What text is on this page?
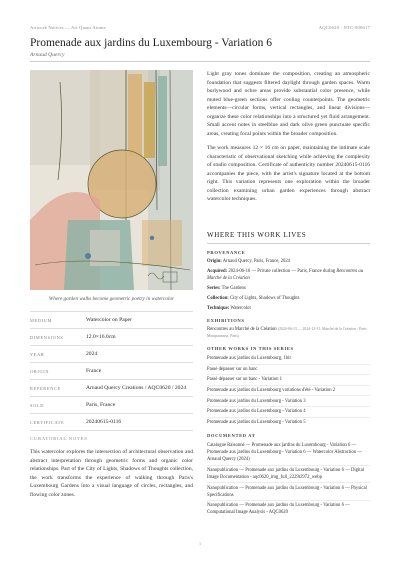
Artwork Notices — Art Quant Atome	AQC0620 · NTC-000617
Promenade aux jardins du Luxembourg - Variation 6
Arnaud Quercy
Where garden walks become geometric poetry in watercolor
MEDIUM	Watercolor on Paper
DIMENSIONS	12.0×16.0cm
YEAR	2024
ORIGIN	France
REFERENCE	Arnaud Quercy Creations / AQC0620 / 2024
SOLD	Paris, France
CERTIFICATE	20240615-0116
CURATORIAL NOTES

This watercolor explores the intersection of architectural observation and abstract interpretation through geometric forms and organic color relationships. Part of the City of Lights, Shadows of Thoughts collection, the work transforms the experience of walking through Paris's Luxembourg Gardens into a visual language of circles, rectangles, and flowing color zones.

Light gray tones dominate the composition, creating an atmospheric foundation that suggests filtered daylight through garden spaces. Warm burlywood and ochre areas provide substantial color presence, while muted blue-green sections offer cooling counterpoints. The geometric elements—circular forms, vertical rectangles, and linear divisions—organize these color relationships into a structured yet fluid arrangement. Small accent notes in steelblue and dark olive green punctuate specific areas, creating focal points within the broader composition.

The work measures 12 × 16 cm on paper, maintaining the intimate scale characteristic of observational sketching while achieving the complexity of studio composition. Certificate of authenticity number 20240615-0116 accompanies the piece, with the artist's signature located at the bottom right. This variation represents one exploration within the broader collection examining urban garden experiences through abstract watercolor techniques.

WHERE THIS WORK LIVES
PROVENANCE
Origin: Arnaud Quercy, Paris, France, 2024
Acquired: 2024-06-16 — Private collection — Paris, France during Rencontres au Marché de la Création
Series: The Gardens
Collection: City of Lights, Shadows of Thoughts
Technique: Watercolor
EXHIBITIONS
Rencontres au Marché de la Création (2024-06-13 — 2024-12-31, Marché de la Création - Paris Montparnasse, Paris)
OTHER WORKS IN THIS SERIES
Promenade aux jardins du Luxembourg, 1bit
Passé dépasser sur un banc
Passé dépasser sur un banc - Variation 1
Promenade aux jardins du Luxembourg variations d'été - Variation 2
Promenade aux jardins du Luxembourg - Variation 3
Promenade aux jardins du Luxembourg - Variation 4
Promenade aux jardins du Luxembourg - Variation 5
DOCUMENTED AT
Catalogue Raisonné — Promenade aux jardins du Luxembourg - Variation 6 — Promenade aux jardins du Luxembourg - Variation 6 — Watercolor Abstraction — Arnaud Quercy (2024)
Nanopublication — Promenade aux jardins du Luxembourg - Variation 6 — Digital Image Documentation - aqc0620_img_full_2229t2972_webp
Nanopublication — Promenade aux jardins du Luxembourg - Variation 6 — Physical Specifications
Nanopublication — Promenade aux jardins du Luxembourg - Variation 6 — Computational Image Analysis - AQC0620
1
